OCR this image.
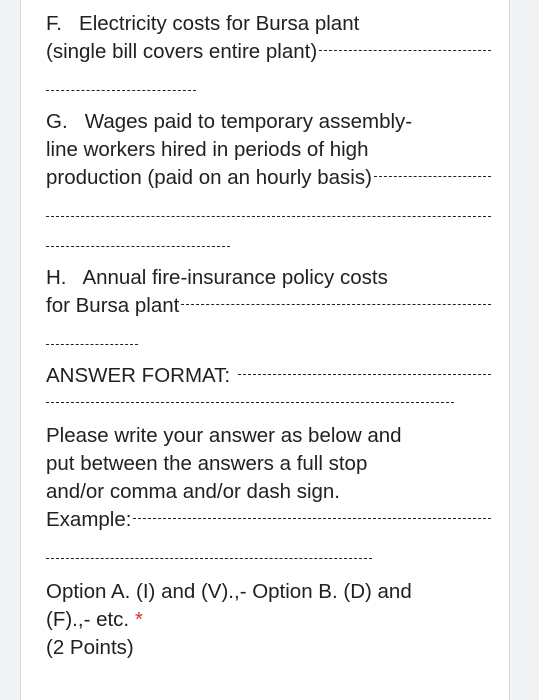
F.   Electricity costs for Bursa plant
(single bill covers entire plant)
G.   Wages paid to temporary assembly-
line workers hired in periods of high
production (paid on an hourly basis)
H.   Annual fire-insurance policy costs
for Bursa plant
ANSWER FORMAT:
Please write your answer as below and
put between the answers a full stop
and/or comma and/or dash sign.
Example:
Option A. (I) and (V).,- Option B. (D) and
(F).,- etc. *
(2 Points)
